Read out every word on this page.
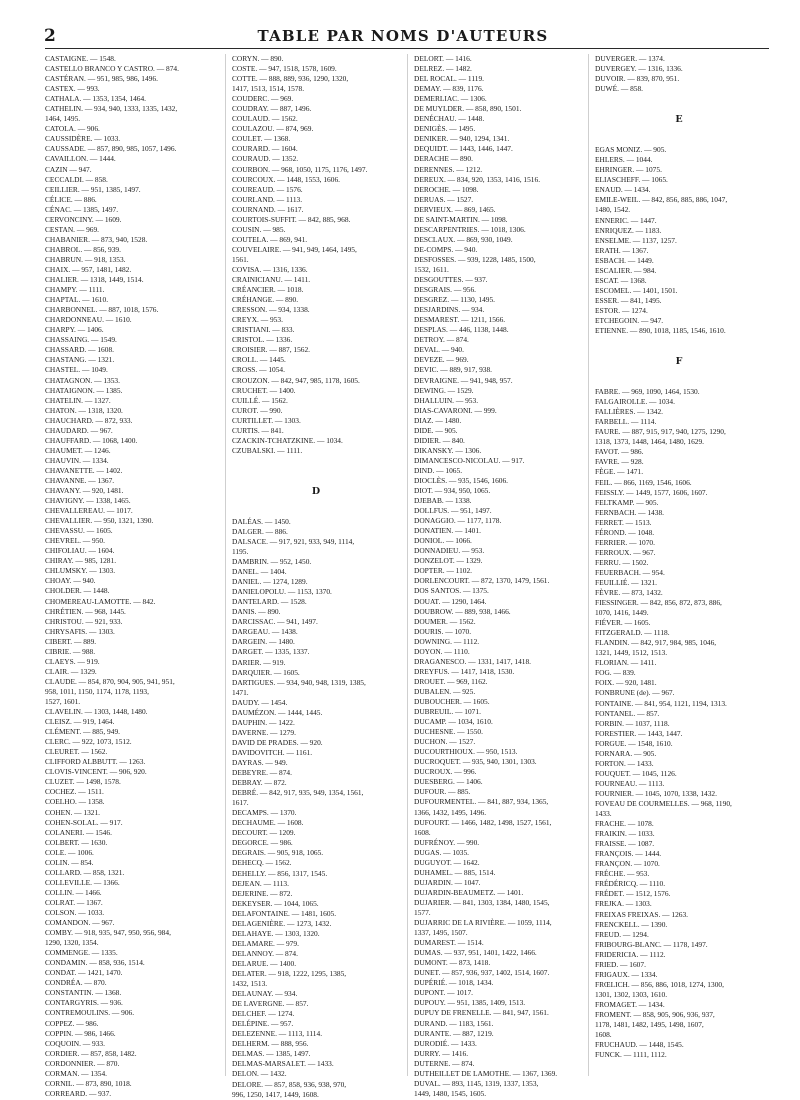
2	TABLE PAR NOMS D'AUTEURS
CASTAIGNE. — 1548.
CASTELLO BRANCO Y CASTRO. — 874.
CASTÉRAN. — 951, 985, 986, 1496.
CASTEX. — 993.
CATHALA. — 1353, 1354, 1464.
CATHELIN. — 934, 940, 1333, 1335, 1432,
1464, 1495.
CATOLA. — 906.
CAUSSIDÈRE. — 1033.
CAUSSADE. — 857, 890, 985, 1057, 1496.
CAVAILLON. — 1444.
CAZIN — 947.
CECCALDI. — 858.
CEILLIER. — 951, 1385, 1497.
CÉLICE. — 886.
CÉNAC. — 1385, 1497.
CERVONCINY. — 1609.
CESTAN. — 969.
CHABANIER. — 873, 940, 1528.
CHABROL. — 856, 939.
CHABRUN. — 918, 1353.
CHAIX. — 957, 1481, 1482.
CHALIER. — 1318, 1449, 1514.
CHAMPY. — 1111.
CHAPTAL. — 1610.
CHARBONNEL. — 887, 1018, 1576.
CHARDONNEAU. — 1610.
CHARPY. — 1406.
CHASSAING. — 1549.
CHASSARD. — 1608.
CHASTANG. — 1321.
CHASTEL. — 1049.
CHATAGNON. — 1353.
CHATAIGNON. — 1385.
CHATELIN. — 1327.
CHATON. — 1318, 1320.
CHAUCHARD. — 872, 933.
CHAUDARD. — 967.
CHAUFFARD. — 1068, 1400.
CHAUMET. — 1246.
CHAUVIN. — 1334.
CHAVANETTE. — 1402.
CHAVANNE. — 1367.
CHAVANY. — 920, 1481.
CHAVIGNY. — 1338, 1465.
CHEVALLEREAU. — 1017.
CHEVALLIER. — 950, 1321, 1390.
CHEVASSU. — 1605.
CHEVREL. — 950.
CHIFOLIAU. — 1604.
CHIRAY. — 985, 1281.
CHLUMSKY. — 1303.
CHOAY. — 940.
CHOLDER. — 1448.
CHOMEREAU-LAMOTTE. — 842.
CHRÉTIEN. — 968, 1445.
CHRISTOU. — 921, 933.
CHRYSAFIS. — 1303.
CIBERT. — 889.
CIBRIE. — 988.
CLAEYS. — 919.
CLAIR. — 1329.
CLAUDE. — 854, 870, 904, 905, 941, 951,
958, 1011, 1150, 1174, 1178, 1193,
1527, 1601.
CLAVELIN. — 1303, 1448, 1480.
CLEISZ. — 919, 1464.
CLÉMENT. — 885, 949.
CLERC. — 922, 1073, 1512.
CLEURET. — 1562.
CLIFFORD ALBBUTT. — 1263.
CLOVIS-VINCENT. — 906, 920.
CLUZET. — 1498, 1578.
COCHEZ. — 1511.
COELHO. — 1358.
COHEN. — 1321.
COHEN-SOLAL. — 917.
COLANERI. — 1546.
COLBERT. — 1630.
COLE. — 1006.
COLIN. — 854.
COLLARD. — 858, 1321.
COLLEVILLE. — 1366.
COLLIN. — 1466.
COLRAT. — 1367.
COLSON. — 1033.
COMANDON. — 967.
COMBY. — 918, 935, 947, 950, 956, 984,
1290, 1320, 1354.
COMMENGE. — 1335.
CONDAMIN. — 858, 936, 1514.
CONDAT. — 1421, 1470.
CONDRÉA. — 870.
CONSTANTIN. — 1368.
CONTARGYRIS. — 936.
CONTREMOULINS. — 906.
COPPEZ. — 986.
COPPIN. — 986, 1466.
COQUOIN. — 933.
CORDIER. — 857, 858, 1482.
CORDONNIER. — 870.
CORMAN. — 1354.
CORNIL. — 873, 890, 1018.
CORREARD. — 937.
CORYN. — 890.
COSTE. — 947, 1518, 1578, 1609.
COTTE. — 888, 889, 936, 1290, 1320,
1417, 1513, 1514, 1578.
COUDERC. — 969.
COUDRAY. — 887, 1496.
COULAUD. — 1562.
COULAZOU. — 874, 969.
COULET. — 1368.
COURARD. — 1604.
COURAUD. — 1352.
COURBON. — 968, 1050, 1175, 1176, 1497.
COURCOUX. — 1448, 1553, 1606.
COUREAUD. — 1576.
COURLAND. — 1113.
COURNAND. — 1617.
COURTOIS-SUFFIT. — 842, 885, 968.
COUSIN. — 985.
COUTELA. — 869, 941.
COUVELAIRE. — 941, 949, 1464, 1495,
1561.
COVISA. — 1316, 1336.
CRAINICIANU. — 1411.
CRÉANCIER. — 1018.
CRÉHANGE. — 890.
CRESSON. — 934, 1338.
CREYX. — 953.
CRISTIANI. — 833.
CRISTOL. — 1336.
CROISIER. — 887, 1562.
CROLL. — 1445.
CROSS. — 1054.
CROUZON. — 842, 947, 985, 1178, 1605.
CRUCHET. — 1400.
CUILLÉ. — 1562.
CUROT. — 990.
CURTILLET. — 1303.
CURTIS. — 841.
CZACKIN-TCHATZKINE. — 1034.
CZUBALSKI. — 1111.
D
DALÉAS. — 1450.
DALGER. — 886.
DALSACE. — 917, 921, 933, 949, 1114,
1195.
DAMBRIN. — 952, 1450.
DANEL. — 1404.
DANIEL. — 1274, 1289.
DANIELOPOLU. — 1153, 1370.
DANTELARD. — 1528.
DANIS. — 890.
DARCISSAC. — 941, 1497.
DARGEAU. — 1438.
DARGEIN. — 1480.
DARGET. — 1335, 1337.
DARIER. — 919.
DARQUIER. — 1605.
DARTIGUES. — 934, 940, 948, 1319, 1385,
1471.
DAUDY. — 1454.
DAUMÉZON. — 1444, 1445.
DAUPHIN. — 1422.
DAVERNE. — 1279.
DAVID DE PRADES. — 920.
DAVIDOVITCH. — 1161.
DAYRAS. — 949.
DEBEYRE. — 874.
DEBRAY. — 872.
DEBRÉ. — 842, 917, 935, 949, 1354, 1561,
1617.
DECAMPS. — 1370.
DECHAUME. — 1608.
DECOURT. — 1209.
DEGORCE. — 986.
DEGRAIS. — 905, 918, 1065.
DEHECQ. — 1562.
DEHELLY. — 856, 1317, 1545.
DEJEAN. — 1113.
DEJERINE. — 872.
DEKEYSER. — 1044, 1065.
DELAFONTAINE. — 1481, 1605.
DELAGENIÈRE. — 1273, 1432.
DELAHAYE. — 1303, 1320.
DELAMARE. — 979.
DELANNOY. — 874.
DELARUE. — 1400.
DELATER. — 918, 1222, 1295, 1385,
1432, 1513.
DELAUNAY. — 934.
DE LAVERGNE. — 857.
DELCHEF. — 1274.
DELÉPINE. — 957.
DELEZENNE. — 1113, 1114.
DELHERM. — 888, 956.
DELMAS. — 1385, 1497.
DELMAS-MARSALET. — 1433.
DELON. — 1432.
DELORE. — 857, 858, 936, 938, 970,
996, 1250, 1417, 1449, 1608.
DELORT. — 1416.
DELREZ. — 1482.
DEL ROCAL. — 1119.
DEMAY. — 839, 1176.
DEMERLIAC. — 1306.
DE MUYLDER. — 858, 890, 1501.
DENÉCHAU. — 1448.
DENIGÈS. — 1495.
DENIKER. — 940, 1294, 1341.
DEQUIDT. — 1443, 1446, 1447.
DERACHE — 890.
DERENNES. — 1212.
DEREUX. — 834, 920, 1353, 1416, 1516.
DEROCHE. — 1098.
DERUAS. — 1527.
DERVIEUX. — 869, 1465.
DE SAINT-MARTIN. — 1098.
DESCARPENTRIES. — 1018, 1306.
DESCLAUX. — 869, 930, 1049.
DE-COMPS. — 940.
DESFOSSES. — 939, 1228, 1485, 1500,
1532, 1611.
DESGOUTTES. — 937.
DESGRAIS. — 956.
DESGREZ. — 1130, 1495.
DESJARDINS. — 934.
DESMAREST. — 1211, 1566.
DESPLAS. — 446, 1138, 1448.
DETROY. — 874.
DEVAL. — 940.
DEVEZE. — 969.
DEVIC. — 889, 917, 938.
DEVRAIGNE. — 941, 948, 957.
DEWING. — 1529.
DHALLUIN. — 953.
DIAS-CAVARONI. — 999.
DIAZ. — 1480.
DIDE. — 905.
DIDIER. — 840.
DIKANSKY. — 1306.
DIMANCESCO-NICOLAU. — 917.
DIND. — 1065.
DIOCLÈS. — 935, 1546, 1606.
DIOT. — 934, 950, 1065.
DJEBAB. — 1338.
DOLLFUS. — 951, 1497.
DONAGGIO. — 1177, 1178.
DONATIEN. — 1401.
DONIOL. — 1066.
DONNADIEU. — 953.
DONZELOT. — 1329.
DOPTER. — 1102.
DORLENCOURT. — 872, 1370, 1479, 1561.
DOS SANTOS. — 1375.
DOUAT. — 1290, 1464.
DOUBROW. — 889, 938, 1466.
DOUMER. — 1562.
DOURIS. — 1070.
DOWNING. — 1112.
DOYON. — 1110.
DRAGANESCO. — 1331, 1417, 1418.
DREYFUS. — 1417, 1418, 1530.
DROUET. — 969, 1162.
DUBALEN. — 925.
DUBOUCHER. — 1605.
DUBREUIL. — 1071.
DUCAMP. — 1034, 1610.
DUCHESNE. — 1550.
DUCHON. — 1527.
DUCOURTHIOUX. — 950, 1513.
DUCROQUET. — 935, 940, 1301, 1303.
DUCROUX. — 996.
DUESBERG. — 1406.
DUFOUR. — 885.
DUFOURMENTEL. — 841, 887, 934, 1365,
1366, 1432, 1495, 1496.
DUFOURT. — 1466, 1482, 1498, 1527, 1561,
1608.
DUFRÉNOY. — 990.
DUGAS. — 1035.
DUGUYOT. — 1642.
DUHAMEL. — 885, 1514.
DUJARDIN. — 1047.
DUJARDIN-BEAUMETZ. — 1401.
DUJARIER. — 841, 1303, 1384, 1480, 1545,
1577.
DUJARRIC DE LA RIVIÈRE. — 1059, 1114,
1337, 1495, 1507.
DUMAREST. — 1514.
DUMAS. — 937, 951, 1401, 1422, 1466.
DUMONT. — 873, 1418.
DUNET. — 857, 936, 937, 1402, 1514, 1607.
DUPÉRIÉ. — 1018, 1434.
DUPONT. — 1017.
DUPOUY. — 951, 1385, 1409, 1513.
DUPUY DE FRENELLE. — 841, 947, 1561.
DURAND. — 1183, 1561.
DURANTE. — 887, 1219.
DURODIÉ. — 1433.
DURRY. — 1416.
DUTERNE. — 874.
DUTHEILLET DE LAMOTHE. — 1367, 1369.
DUVAL. — 893, 1145, 1319, 1337, 1353,
1449, 1480, 1545, 1605.
DUVERGER. — 1374.
DUVERGEY. — 1316, 1336.
DUVOIR. — 839, 870, 951.
DUWÉ. — 858.
E
EGAS MONIZ. — 905.
EHLERS. — 1044.
EHRINGER. — 1075.
ELIASCHEFF. — 1065.
ENAUD. — 1434.
EMILE-WEIL. — 842, 856, 885, 886, 1047,
1480, 1542.
ENNERIC. — 1447.
ENRIQUEZ. — 1183.
ENSELME. — 1137, 1257.
ERATH. — 1367.
ESBACH. — 1449.
ESCALIER. — 984.
ESCAT. — 1368.
ESCOMEL. — 1401, 1501.
ESSER. — 841, 1495.
ESTOR. — 1274.
ETCHEGOIN. — 947.
ETIENNE. — 890, 1018, 1185, 1546, 1610.
F
FABRE. — 969, 1090, 1464, 1530.
FALGAIROLLE. — 1034.
FALLIÈRES. — 1342.
FARBELL. — 1114.
FAURE. — 887, 915, 917, 940, 1275, 1290,
1318, 1373, 1448, 1464, 1480, 1629.
FAVOT. — 986.
FAVRE. — 928.
FÈGE. — 1471.
FEIL. — 866, 1169, 1546, 1606.
FEISSLY. — 1449, 1577, 1606, 1607.
FELTKAMP. — 905.
FERNBACH. — 1438.
FERRET. — 1513.
FÉROND. — 1048.
FERRIER. — 1070.
FERROUX. — 967.
FERRU. — 1502.
FEUERBACH. — 954.
FEUILLIÉ. — 1321.
FÈVRE. — 873, 1432.
FIESSINGER. — 842, 856, 872, 873, 886,
1070, 1416, 1449.
FIÉVER. — 1605.
FITZGERALD. — 1118.
FLANDIN. — 842, 917, 984, 985, 1046,
1321, 1449, 1512, 1513.
FLORIAN. — 1411.
FOG. — 839.
FOIX. — 920, 1481.
FONBRUNE (de). — 967.
FONTAINE. — 841, 954, 1121, 1194, 1313.
FONTANEL. — 857.
FORBIN. — 1037, 1118.
FORESTIER. — 1443, 1447.
FORGUE. — 1548, 1610.
FORNARA. — 905.
FORTON. — 1433.
FOUQUET. — 1045, 1126.
FOURNEAU. — 1113.
FOURNIER. — 1045, 1070, 1338, 1432.
FOVEAU DE COURMELLES. — 968, 1190,
1433.
FRACHE. — 1078.
FRAIKIN. — 1033.
FRAISSE. — 1087.
FRANÇOIS. — 1444.
FRANÇON. — 1070.
FRÉCHE. — 953.
FRÉDÉRICQ. — 1110.
FRÉDET. — 1512, 1576.
FREJKA. — 1303.
FREIXAS FREIXAS. — 1263.
FRENCKELL. — 1390.
FREUD. — 1294.
FRIBOURG-BLANC. — 1178, 1497.
FRIDERICIA. — 1112.
FRIED. — 1607.
FRIGAUX. — 1334.
FRŒLICH. — 856, 886, 1018, 1274, 1300,
1301, 1302, 1303, 1610.
FROMAGET. — 1434.
FROMENT. — 858, 905, 906, 936, 937,
1178, 1481, 1482, 1495, 1498, 1607,
1608.
FRUCHAUD. — 1448, 1545.
FUNCK. — 1111, 1112.
